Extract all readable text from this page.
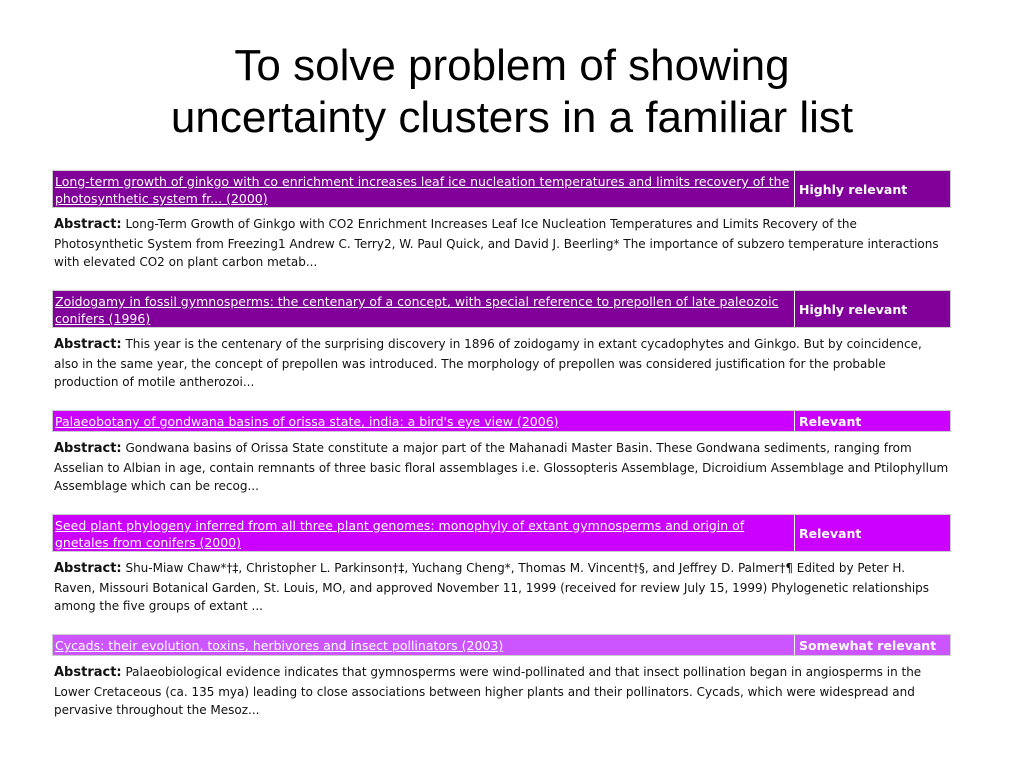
To solve problem of showing
uncertainty clusters in a familiar list
Long-term growth of ginkgo with co enrichment increases leaf ice nucleation temperatures and limits recovery of the photosynthetic system fr... (2000)
Highly relevant
Abstract: Long-Term Growth of Ginkgo with CO2 Enrichment Increases Leaf Ice Nucleation Temperatures and Limits Recovery of the Photosynthetic System from Freezing1 Andrew C. Terry2, W. Paul Quick, and David J. Beerling* The importance of subzero temperature interactions with elevated CO2 on plant carbon metab...
Zoidogamy in fossil gymnosperms: the centenary of a concept, with special reference to prepollen of late paleozoic conifers (1996)
Highly relevant
Abstract: This year is the centenary of the surprising discovery in 1896 of zoidogamy in extant cycadophytes and Ginkgo. But by coincidence, also in the same year, the concept of prepollen was introduced. The morphology of prepollen was considered justification for the probable production of motile antherozoi...
Palaeobotany of gondwana basins of orissa state, india: a bird's eye view (2006)	Relevant
Abstract: Gondwana basins of Orissa State constitute a major part of the Mahanadi Master Basin. These Gondwana sediments, ranging from Asselian to Albian in age, contain remnants of three basic floral assemblages i.e. Glossopteris Assemblage, Dicroidium Assemblage and Ptilophyllum Assemblage which can be recog...
Seed plant phylogeny inferred from all three plant genomes: monophyly of extant gymnosperms and origin of gnetales from conifers (2000)
Relevant
Abstract: Shu-Miaw Chaw*†‡, Christopher L. Parkinson†‡, Yuchang Cheng*, Thomas M. Vincent†§, and Jeffrey D. Palmer†¶ Edited by Peter H. Raven, Missouri Botanical Garden, St. Louis, MO, and approved November 11, 1999 (received for review July 15, 1999) Phylogenetic relationships among the five groups of extant ...
Cycads: their evolution, toxins, herbivores and insect pollinators (2003)	Somewhat relevant
Abstract: Palaeobiological evidence indicates that gymnosperms were wind-pollinated and that insect pollination began in angiosperms in the Lower Cretaceous (ca. 135 mya) leading to close associations between higher plants and their pollinators. Cycads, which were widespread and pervasive throughout the Mesoz...
